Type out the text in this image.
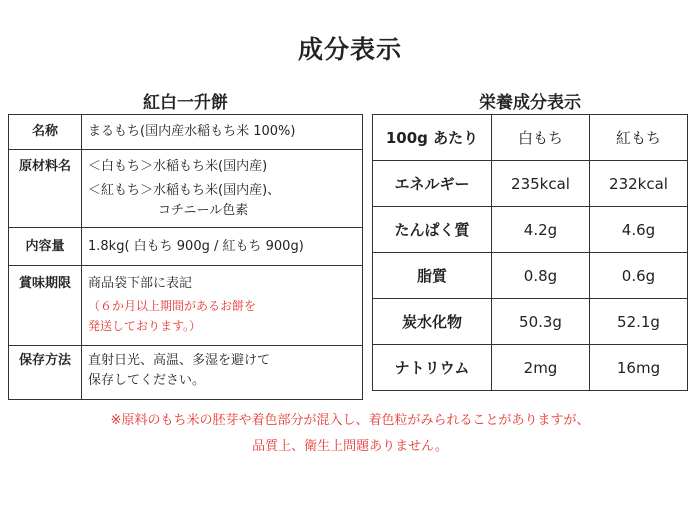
成分表示
紅白一升餅	栄養成分表示
名称	まるもち(国内産水稲もち米 100%)

原材料名	＜白もち＞水稲もち米(国内産)
＜紅もち＞水稲もち米(国内産)、
コチニール色素

内容量	1.8kg( 白もち 900g / 紅もち 900g)

賞味期限	商品袋下部に表記
（６か月以上期間があるお餅を
発送しております。）

保存方法	直射日光、高温、多湿を避けて
保存してください。
100g あたり	白もち	紅もち
エネルギー	235kcal	232kcal
たんぱく質	4.2g	4.6g
脂質	0.8g	0.6g
炭水化物	50.3g	52.1g
ナトリウム	2mg	16mg
※原料のもち米の胚芽や着色部分が混入し、着色粒がみられることがありますが、
品質上、衛生上問題ありません。
